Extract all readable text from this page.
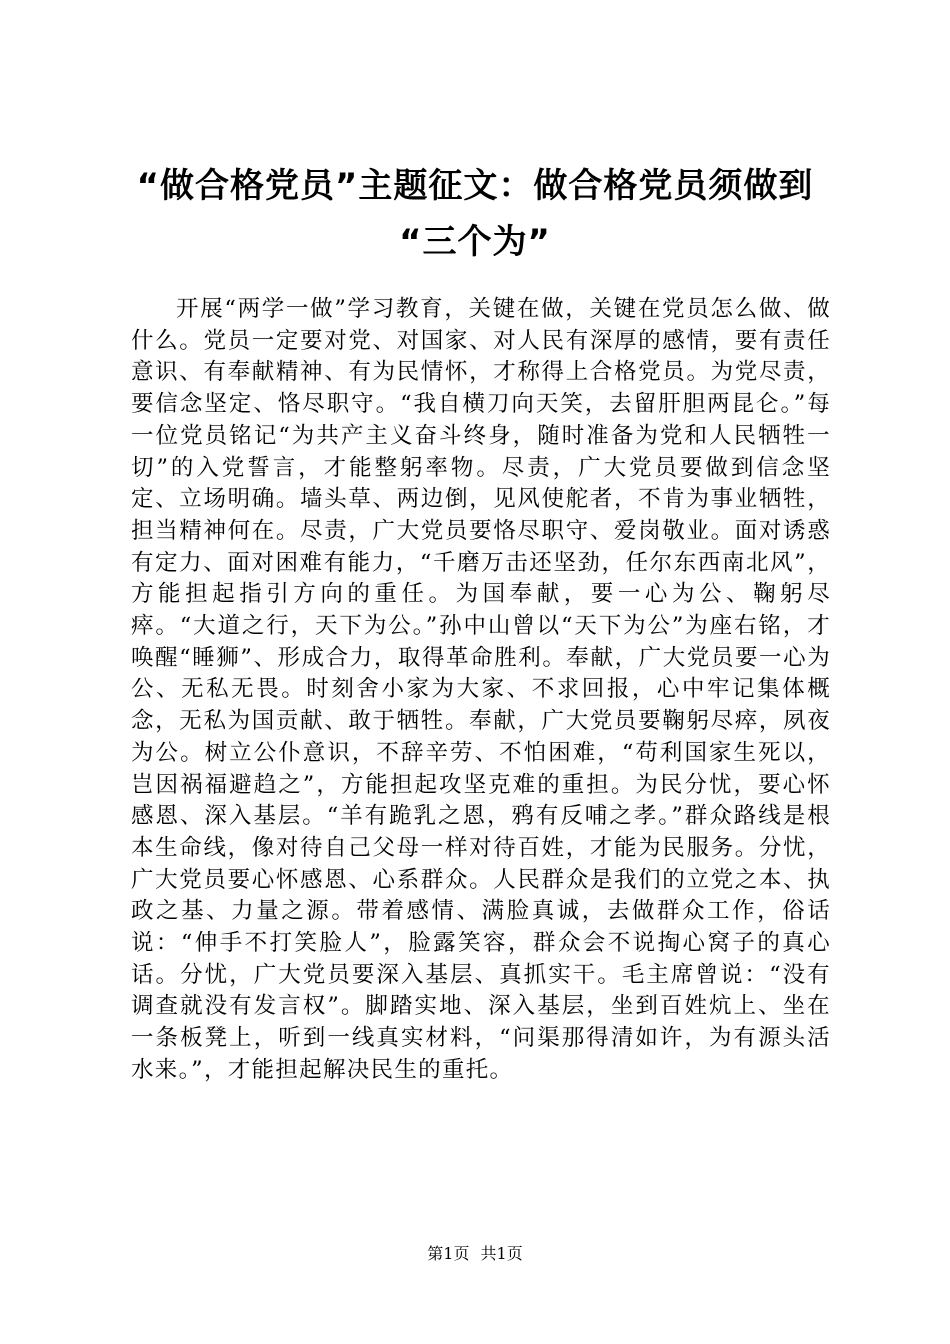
“做合格党员”主题征文：做合格党员须做到
“三个为”

开展“两学一做”学习教育，关键在做，关键在党员怎么做、做什么。党员一定要对党、对国家、对人民有深厚的感情，要有责任意识、有奉献精神、有为民情怀，才称得上合格党员。为党尽责，要信念坚定、恪尽职守。“我自横刀向天笑，去留肝胆两昆仑。”每一位党员铭记“为共产主义奋斗终身，随时准备为党和人民牺牲一切”的入党誓言，才能整躬率物。尽责，广大党员要做到信念坚定、立场明确。墙头草、两边倒，见风使舵者，不肯为事业牺牲，担当精神何在。尽责，广大党员要恪尽职守、爱岗敬业。面对诱惑有定力、面对困难有能力，“千磨万击还坚劲，任尔东西南北风”，方能担起指引方向的重任。为国奉献，要一心为公、鞠躬尽瘁。“大道之行，天下为公。”孙中山曾以“天下为公”为座右铭，才唤醒“睡狮”、形成合力，取得革命胜利。奉献，广大党员要一心为公、无私无畏。时刻舍小家为大家、不求回报，心中牢记集体概念，无私为国贡献、敢于牺牲。奉献，广大党员要鞠躬尽瘁，夙夜为公。树立公仆意识，不辞辛劳、不怕困难，“苟利国家生死以，岂因祸福避趋之”，方能担起攻坚克难的重担。为民分忧，要心怀感恩、深入基层。“羊有跪乳之恩，鸦有反哺之孝。”群众路线是根本生命线，像对待自己父母一样对待百姓，才能为民服务。分忧，广大党员要心怀感恩、心系群众。人民群众是我们的立党之本、执政之基、力量之源。带着感情、满脸真诚，去做群众工作，俗话说：“伸手不打笑脸人”，脸露笑容，群众会不说掏心窝子的真心话。分忧，广大党员要深入基层、真抓实干。毛主席曾说：“没有调查就没有发言权”。脚踏实地、深入基层，坐到百姓炕上、坐在一条板凳上，听到一线真实材料，“问渠那得清如许，为有源头活水来。”，才能担起解决民生的重托。

第1页 共1页
